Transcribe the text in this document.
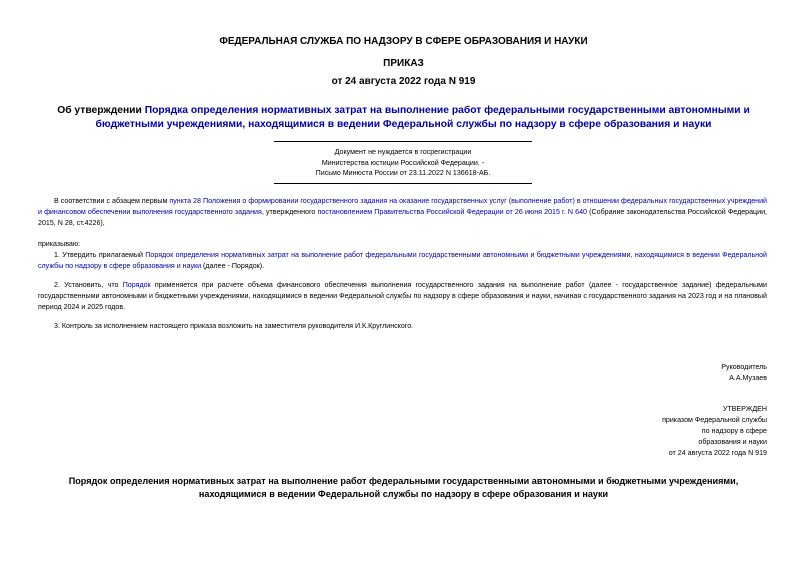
ФЕДЕРАЛЬНАЯ СЛУЖБА ПО НАДЗОРУ В СФЕРЕ ОБРАЗОВАНИЯ И НАУКИ
ПРИКАЗ
от 24 августа 2022 года N 919
Об утверждении Порядка определения нормативных затрат на выполнение работ федеральными государственными автономными и бюджетными учреждениями, находящимися в ведении Федеральной службы по надзору в сфере образования и науки
Документ не нуждается в госрегистрации
Министерства юстиции Российской Федерации. -
Письмо Минюста России от 23.11.2022 N 136618-АБ.
В соответствии с абзацем первым пункта 28 Положения о формировании государственного задания на оказание государственных услуг (выполнение работ) в отношении федеральных государственных учреждений и финансовом обеспечении выполнения государственного задания, утвержденного постановлением Правительства Российской Федерации от 26 июня 2015 г. N 640 (Собрание законодательства Российской Федерации, 2015, N 28, ст.4226),
приказываю:
1. Утвердить прилагаемый Порядок определения нормативных затрат на выполнение работ федеральными государственными автономными и бюджетными учреждениями, находящимися в ведении Федеральной службы по надзору в сфере образования и науки (далее - Порядок).
2. Установить, что Порядок применяется при расчете объема финансового обеспечения выполнения государственного задания на выполнение работ (далее - государственное задание) федеральными государственными автономными и бюджетными учреждениями, находящимися в ведении Федеральной службы по надзору в сфере образования и науки, начиная с государственного задания на 2023 год и на плановый период 2024 и 2025 годов.
3. Контроль за исполнением настоящего приказа возложить на заместителя руководителя И.К.Круглинского.
Руководитель
А.А.Музаев
УТВЕРЖДЕН
приказом Федеральной службы
по надзору в сфере
образования и науки
от 24 августа 2022 года N 919
Порядок определения нормативных затрат на выполнение работ федеральными государственными автономными и бюджетными учреждениями, находящимися в ведении Федеральной службы по надзору в сфере образования и науки
